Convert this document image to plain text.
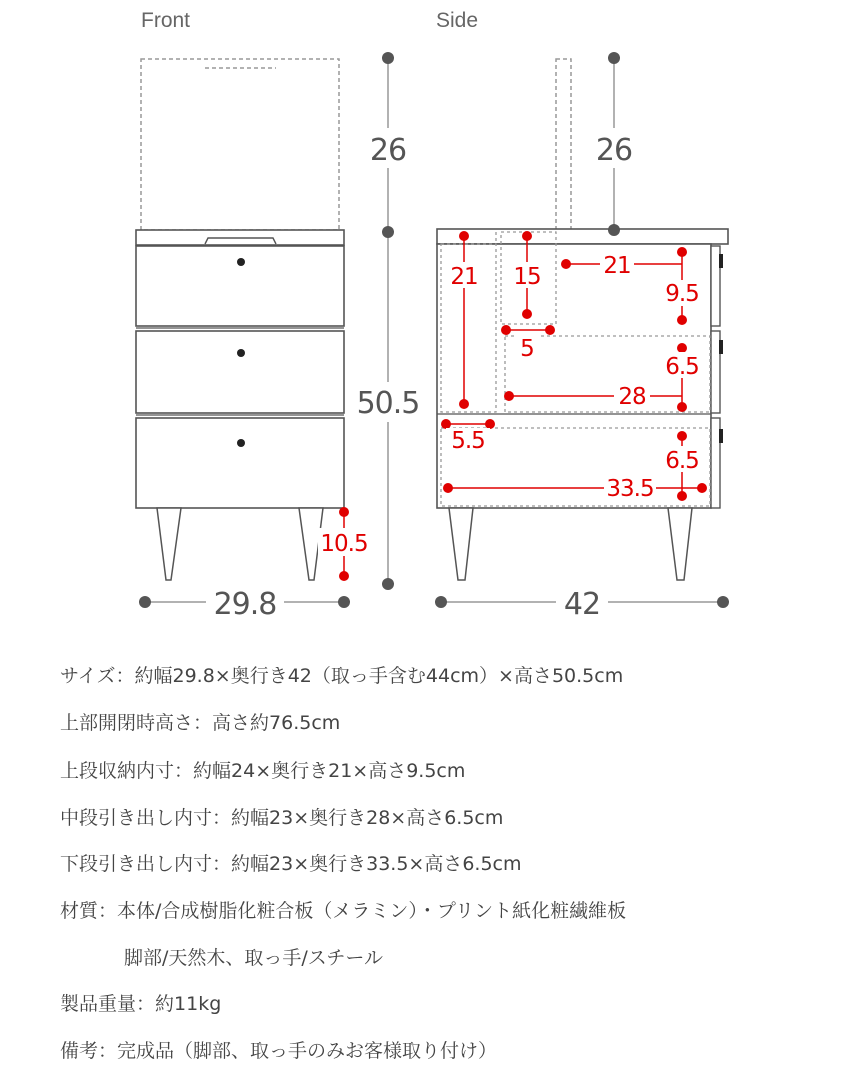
Front	Side
10.5
26
50.5
29.8
26
21 15	21
9.5
5
6.5
28
5.5
6.5
33.5
42
サイズ：約幅29.8×奥行き42（取っ手含む44cm）×高さ50.5cm
上部開閉時高さ：高さ約76.5cm
上段収納内寸：約幅24×奥行き21×高さ9.5cm
中段引き出し内寸：約幅23×奥行き28×高さ6.5cm
下段引き出し内寸：約幅23×奥行き33.5×高さ6.5cm
材質：本体/合成樹脂化粧合板（メラミン）・プリント紙化粧繊維板
脚部/天然木、取っ手/スチール
製品重量：約11kg
備考：完成品（脚部、取っ手のみお客様取り付け）
